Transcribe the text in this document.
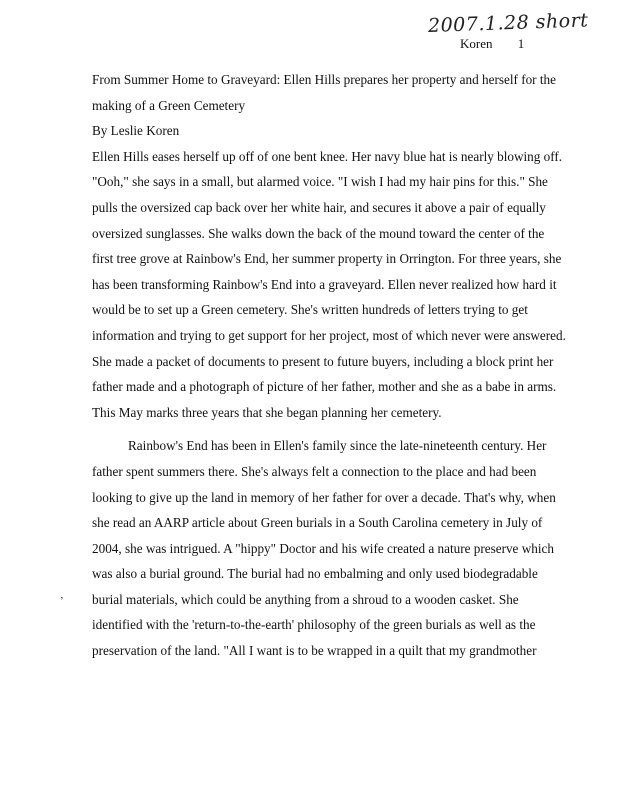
2007.1.28 short
Koren 1
From Summer Home to Graveyard: Ellen Hills prepares her property and herself for the
making of a Green Cemetery
By Leslie Koren
Ellen Hills eases herself up off of one bent knee. Her navy blue hat is nearly blowing off.
"Ooh," she says in a small, but alarmed voice. "I wish I had my hair pins for this." She
pulls the oversized cap back over her white hair, and secures it above a pair of equally
oversized sunglasses. She walks down the back of the mound toward the center of the
first tree grove at Rainbow's End, her summer property in Orrington. For three years, she
has been transforming Rainbow's End into a graveyard. Ellen never realized how hard it
would be to set up a Green cemetery. She's written hundreds of letters trying to get
information and trying to get support for her project, most of which never were answered.
She made a packet of documents to present to future buyers, including a block print her
father made and a photograph of picture of her father, mother and she as a babe in arms.
This May marks three years that she began planning her cemetery.
Rainbow's End has been in Ellen's family since the late-nineteenth century. Her
father spent summers there. She's always felt a connection to the place and had been
looking to give up the land in memory of her father for over a decade. That's why, when
she read an AARP article about Green burials in a South Carolina cemetery in July of
2004, she was intrigued. A "hippy" Doctor and his wife created a nature preserve which
was also a burial ground. The burial had no embalming and only used biodegradable
burial materials, which could be anything from a shroud to a wooden casket. She
identified with the 'return-to-the-earth' philosophy of the green burials as well as the
preservation of the land. "All I want is to be wrapped in a quilt that my grandmother
’
